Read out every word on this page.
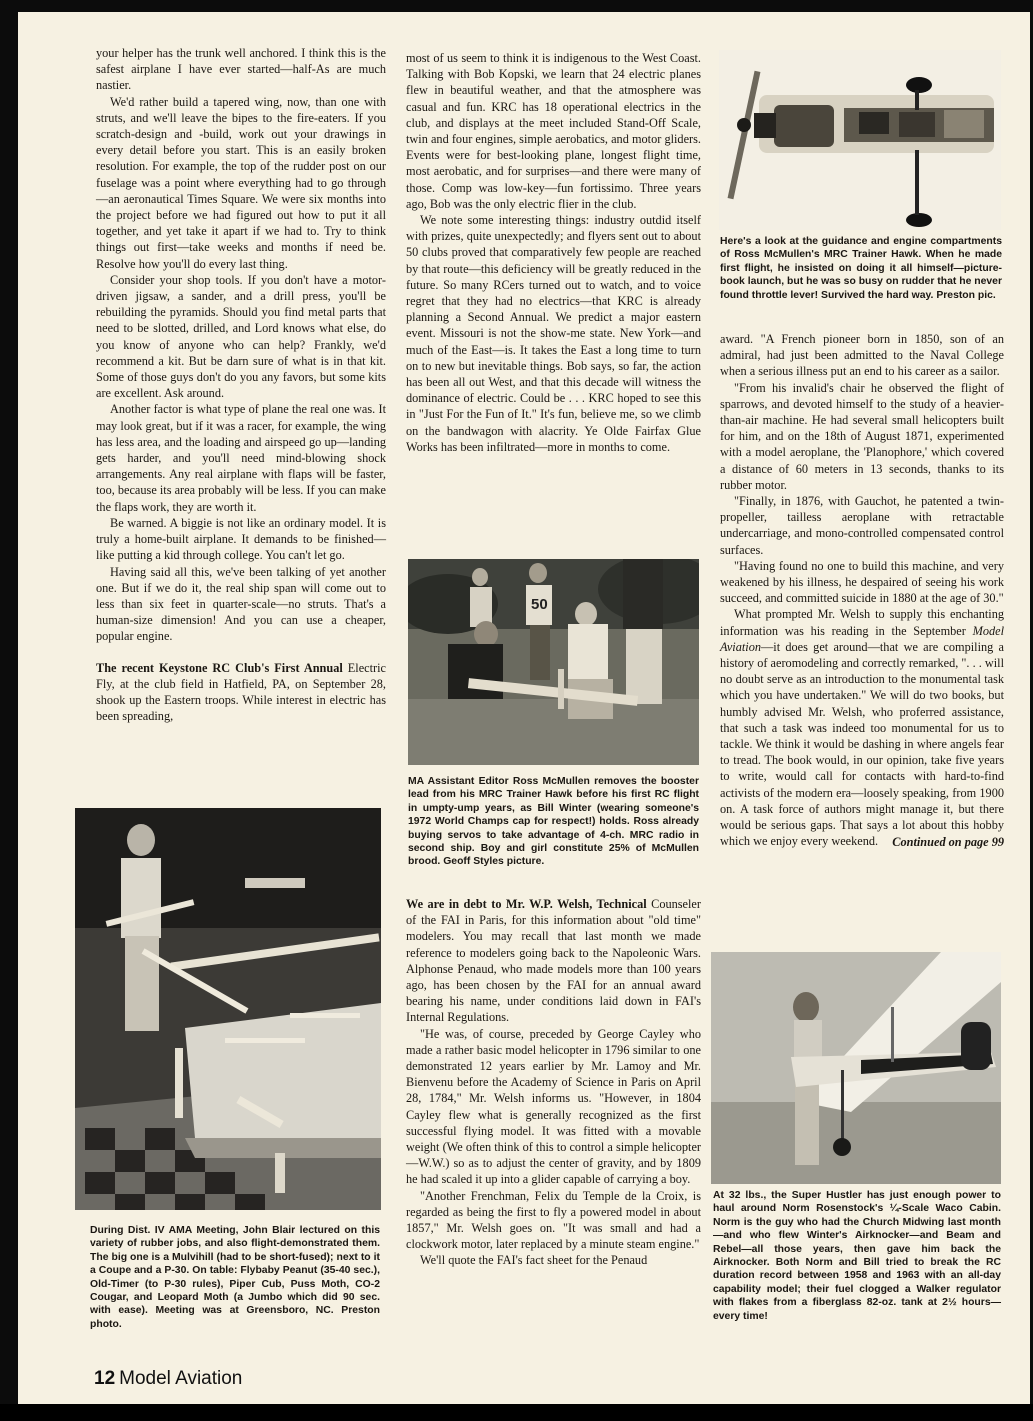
your helper has the trunk well anchored. I think this is the safest airplane I have ever started—half-As are much nastier.

We'd rather build a tapered wing, now, than one with struts, and we'll leave the bipes to the fire-eaters. If you scratch-design and -build, work out your drawings in every detail before you start. This is an easily broken resolution. For example, the top of the rudder post on our fuselage was a point where everything had to go through—an aeronautical Times Square. We were six months into the project before we had figured out how to put it all together, and yet take it apart if we had to. Try to think things out first—take weeks and months if need be. Resolve how you'll do every last thing.

Consider your shop tools. If you don't have a motor-driven jigsaw, a sander, and a drill press, you'll be rebuilding the pyramids. Should you find metal parts that need to be slotted, drilled, and Lord knows what else, do you know of anyone who can help? Frankly, we'd recommend a kit. But be darn sure of what is in that kit. Some of those guys don't do you any favors, but some kits are excellent. Ask around.

Another factor is what type of plane the real one was. It may look great, but if it was a racer, for example, the wing has less area, and the loading and airspeed go up—landing gets harder, and you'll need mind-blowing shock arrangements. Any real airplane with flaps will be faster, too, because its area probably will be less. If you can make the flaps work, they are worth it.

Be warned. A biggie is not like an ordinary model. It is truly a home-built airplane. It demands to be finished—like putting a kid through college. You can't let go.

Having said all this, we've been talking of yet another one. But if we do it, the real ship span will come out to less than six feet in quarter-scale—no struts. That's a human-size dimension! And you can use a cheaper, popular engine.

The recent Keystone RC Club's First Annual Electric Fly, at the club field in Hatfield, PA, on September 28, shook up the Eastern troops. While interest in electric has been spreading,

During Dist. IV AMA Meeting, John Blair lectured on this variety of rubber jobs, and also flight-demonstrated them. The big one is a Mulvihill (had to be short-fused); next to it a Coupe and a P-30. On table: Flybaby Peanut (35-40 sec.), Old-Timer (to P-30 rules), Piper Cub, Puss Moth, CO-2 Cougar, and Leopard Moth (a Jumbo which did 90 sec. with ease). Meeting was at Greensboro, NC. Preston photo.

most of us seem to think it is indigenous to the West Coast. Talking with Bob Kopski, we learn that 24 electric planes flew in beautiful weather, and that the atmosphere was casual and fun. KRC has 18 operational electrics in the club, and displays at the meet included Stand-Off Scale, twin and four engines, simple aerobatics, and motor gliders. Events were for best-looking plane, longest flight time, most aerobatic, and for surprises—and there were many of those. Comp was low-key—fun fortissimo. Three years ago, Bob was the only electric flier in the club.

We note some interesting things: industry outdid itself with prizes, quite unexpectedly; and flyers sent out to about 50 clubs proved that comparatively few people are reached by that route—this deficiency will be greatly reduced in the future. So many RCers turned out to watch, and to voice regret that they had no electrics—that KRC is already planning a Second Annual. We predict a major eastern event. Missouri is not the show-me state. New York—and much of the East—is. It takes the East a long time to turn on to new but inevitable things. Bob says, so far, the action has been all out West, and that this decade will witness the dominance of electric. Could be . . . KRC hoped to see this in "Just For the Fun of It." It's fun, believe me, so we climb on the bandwagon with alacrity. Ye Olde Fairfax Glue Works has been infiltrated—more in months to come.

50
MA Assistant Editor Ross McMullen removes the booster lead from his MRC Trainer Hawk before his first RC flight in umpty-ump years, as Bill Winter (wearing someone's 1972 World Champs cap for respect!) holds. Ross already buying servos to take advantage of 4-ch. MRC radio in second ship. Boy and girl constitute 25% of McMullen brood. Geoff Styles picture.

We are in debt to Mr. W.P. Welsh, Technical Counseler of the FAI in Paris, for this information about "old time" modelers. You may recall that last month we made reference to modelers going back to the Napoleonic Wars. Alphonse Penaud, who made models more than 100 years ago, has been chosen by the FAI for an annual award bearing his name, under conditions laid down in FAI's Internal Regulations.

"He was, of course, preceded by George Cayley who made a rather basic model helicopter in 1796 similar to one demonstrated 12 years earlier by Mr. Lamoy and Mr. Bienvenu before the Academy of Science in Paris on April 28, 1784," Mr. Welsh informs us. "However, in 1804 Cayley flew what is generally recognized as the first successful flying model. It was fitted with a movable weight (We often think of this to control a simple helicopter—W.W.) so as to adjust the center of gravity, and by 1809 he had scaled it up into a glider capable of carrying a boy.

"Another Frenchman, Felix du Temple de la Croix, is regarded as being the first to fly a powered model in about 1857," Mr. Welsh goes on. "It was small and had a clockwork motor, later replaced by a minute steam engine."

We'll quote the FAI's fact sheet for the Penaud

Here's a look at the guidance and engine compartments of Ross McMullen's MRC Trainer Hawk. When he made first flight, he insisted on doing it all himself—picture-book launch, but he was so busy on rudder that he never found throttle lever! Survived the hard way. Preston pic.

award. "A French pioneer born in 1850, son of an admiral, had just been admitted to the Naval College when a serious illness put an end to his career as a sailor.

"From his invalid's chair he observed the flight of sparrows, and devoted himself to the study of a heavier-than-air machine. He had several small helicopters built for him, and on the 18th of August 1871, experimented with a model aeroplane, the 'Planophore,' which covered a distance of 60 meters in 13 seconds, thanks to its rubber motor.

"Finally, in 1876, with Gauchot, he patented a twin-propeller, tailless aeroplane with retractable undercarriage, and mono-controlled compensated control surfaces.

"Having found no one to build this machine, and very weakened by his illness, he despaired of seeing his work succeed, and committed suicide in 1880 at the age of 30."

What prompted Mr. Welsh to supply this enchanting information was his reading in the September Model Aviation—it does get around—that we are compiling a history of aeromodeling and correctly remarked, ". . . will no doubt serve as an introduction to the monumental task which you have undertaken." We will do two books, but humbly advised Mr. Welsh, who proferred assistance, that such a task was indeed too monumental for us to tackle. We think it would be dashing in where angels fear to tread. The book would, in our opinion, take five years to write, would call for contacts with hard-to-find activists of the modern era—loosely speaking, from 1900 on. A task force of authors might manage it, but there would be serious gaps. That says a lot about this hobby which we enjoy every weekend.	Continued on page 99
At 32 lbs., the Super Hustler has just enough power to haul around Norm Rosenstock's ¼-Scale Waco Cabin. Norm is the guy who had the Church Midwing last month—and who flew Winter's Airknocker—and Beam and Rebel—all those years, then gave him back the Airknocker. Both Norm and Bill tried to break the RC duration record between 1958 and 1963 with an all-day capability model; their fuel clogged a Walker regulator with flakes from a fiberglass 82-oz. tank at 2½ hours—every time!
12 Model Aviation
